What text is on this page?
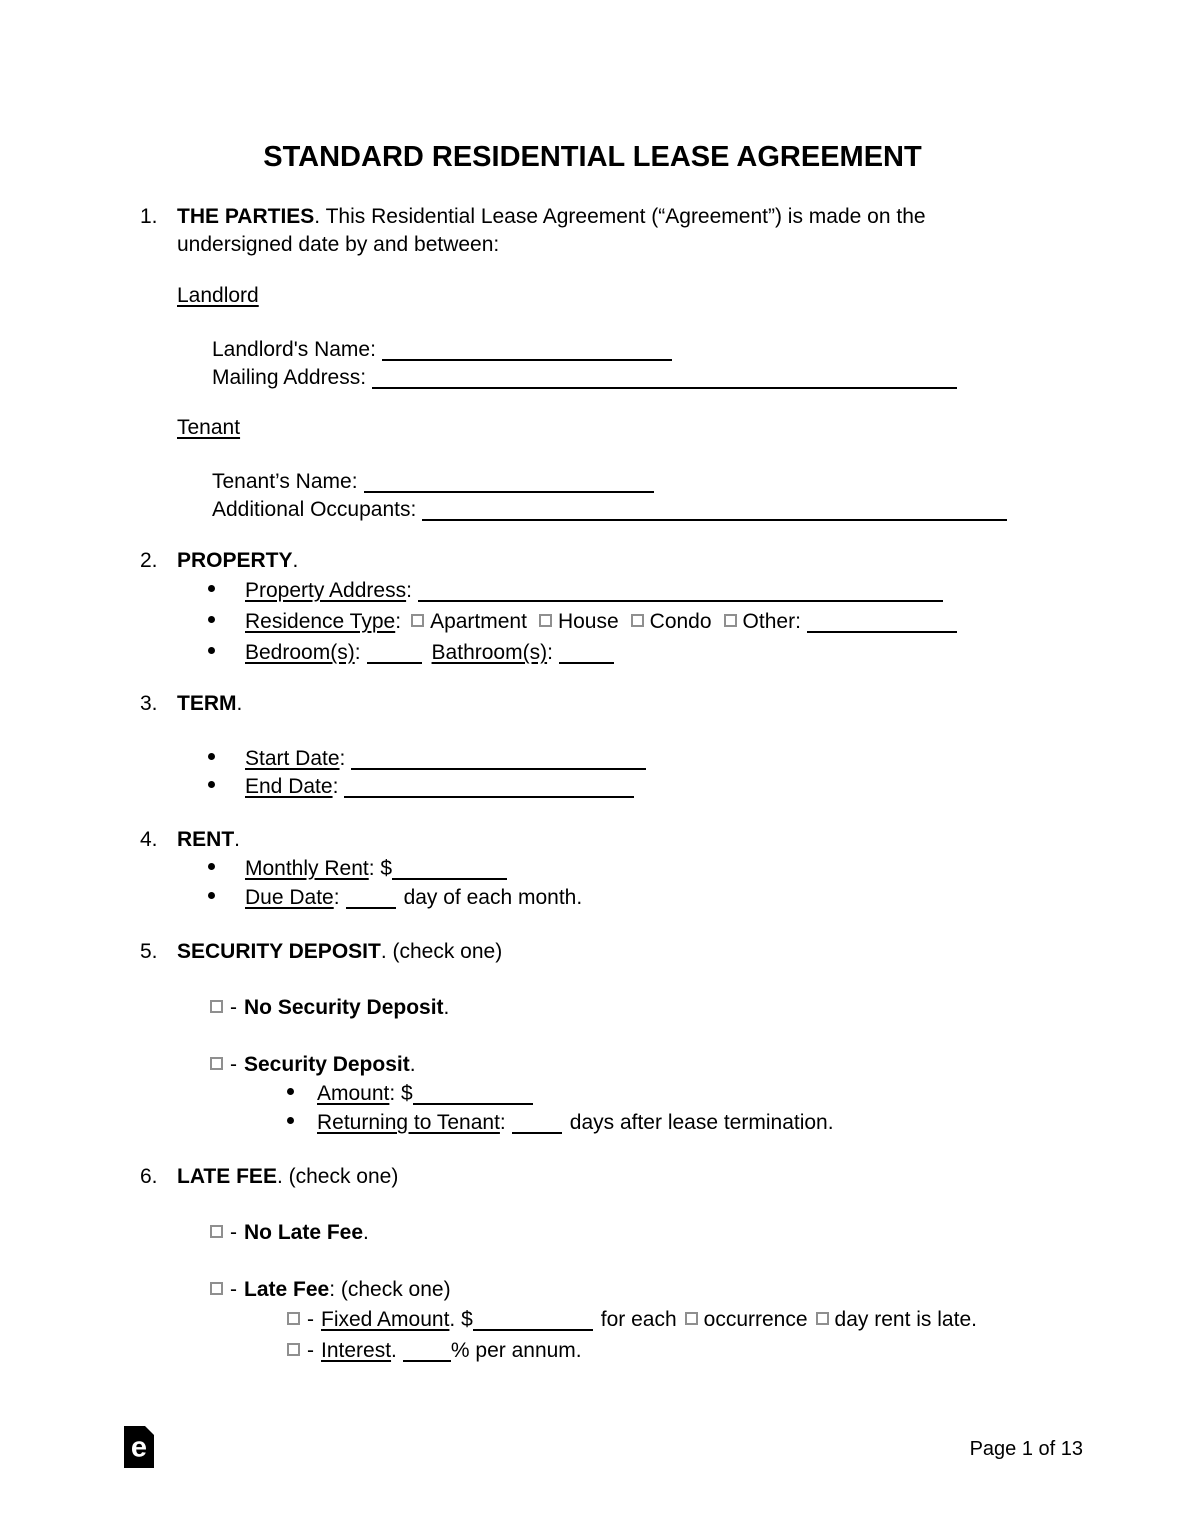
STANDARD RESIDENTIAL LEASE AGREEMENT
1. THE PARTIES. This Residential Lease Agreement (“Agreement”) is made on the undersigned date by and between:
Landlord
Landlord's Name:
Mailing Address:
Tenant
Tenant’s Name:
Additional Occupants:
2. PROPERTY.
Property Address:
Residence Type: Apartment House Condo Other:
Bedroom(s):	Bathroom(s):
3. TERM.
Start Date:
End Date:
4. RENT.
Monthly Rent: $
Due Date:	day of each month.
5. SECURITY DEPOSIT. (check one)
- No Security Deposit.
- Security Deposit.
Amount: $
Returning to Tenant:	days after lease termination.
6. LATE FEE. (check one)
- No Late Fee.
- Late Fee: (check one)
- Fixed Amount. $	for each occurrence day rent is late.
- Interest.	% per annum.
e	Page 1 of 13
